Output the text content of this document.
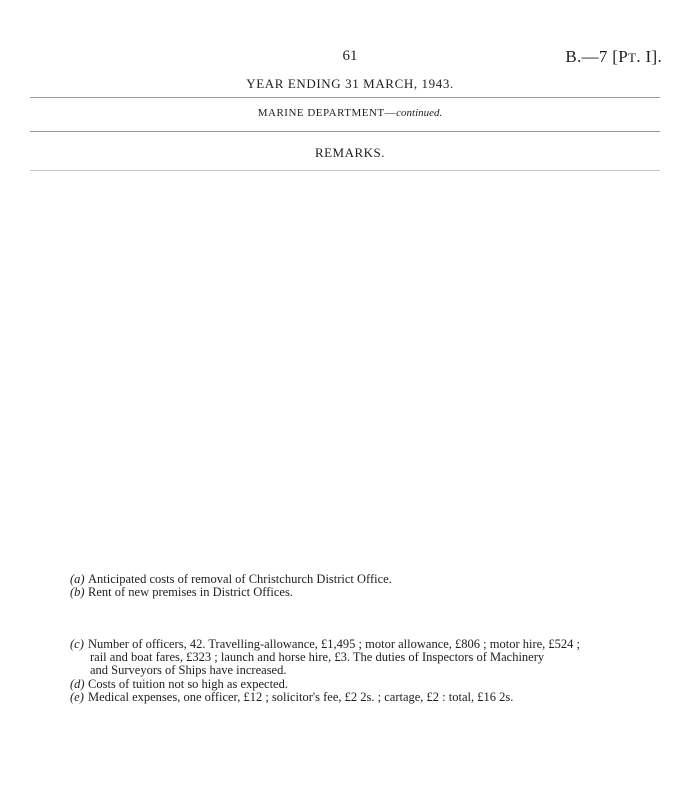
61	B.—7 [PT. I].
YEAR ENDING 31 MARCH, 1943.
MARINE DEPARTMENT—continued.
REMARKS.
(a) Anticipated costs of removal of Christchurch District Office.
(b) Rent of new premises in District Offices.
(c) Number of officers, 42. Travelling-allowance, £1,495 ; motor allowance, £806 ; motor hire, £524 ;
rail and boat fares, £323 ; launch and horse hire, £3. The duties of Inspectors of Machinery
and Surveyors of Ships have increased.
(d) Costs of tuition not so high as expected.
(e) Medical expenses, one officer, £12 ; solicitor's fee, £2 2s. ; cartage, £2 : total, £16 2s.
